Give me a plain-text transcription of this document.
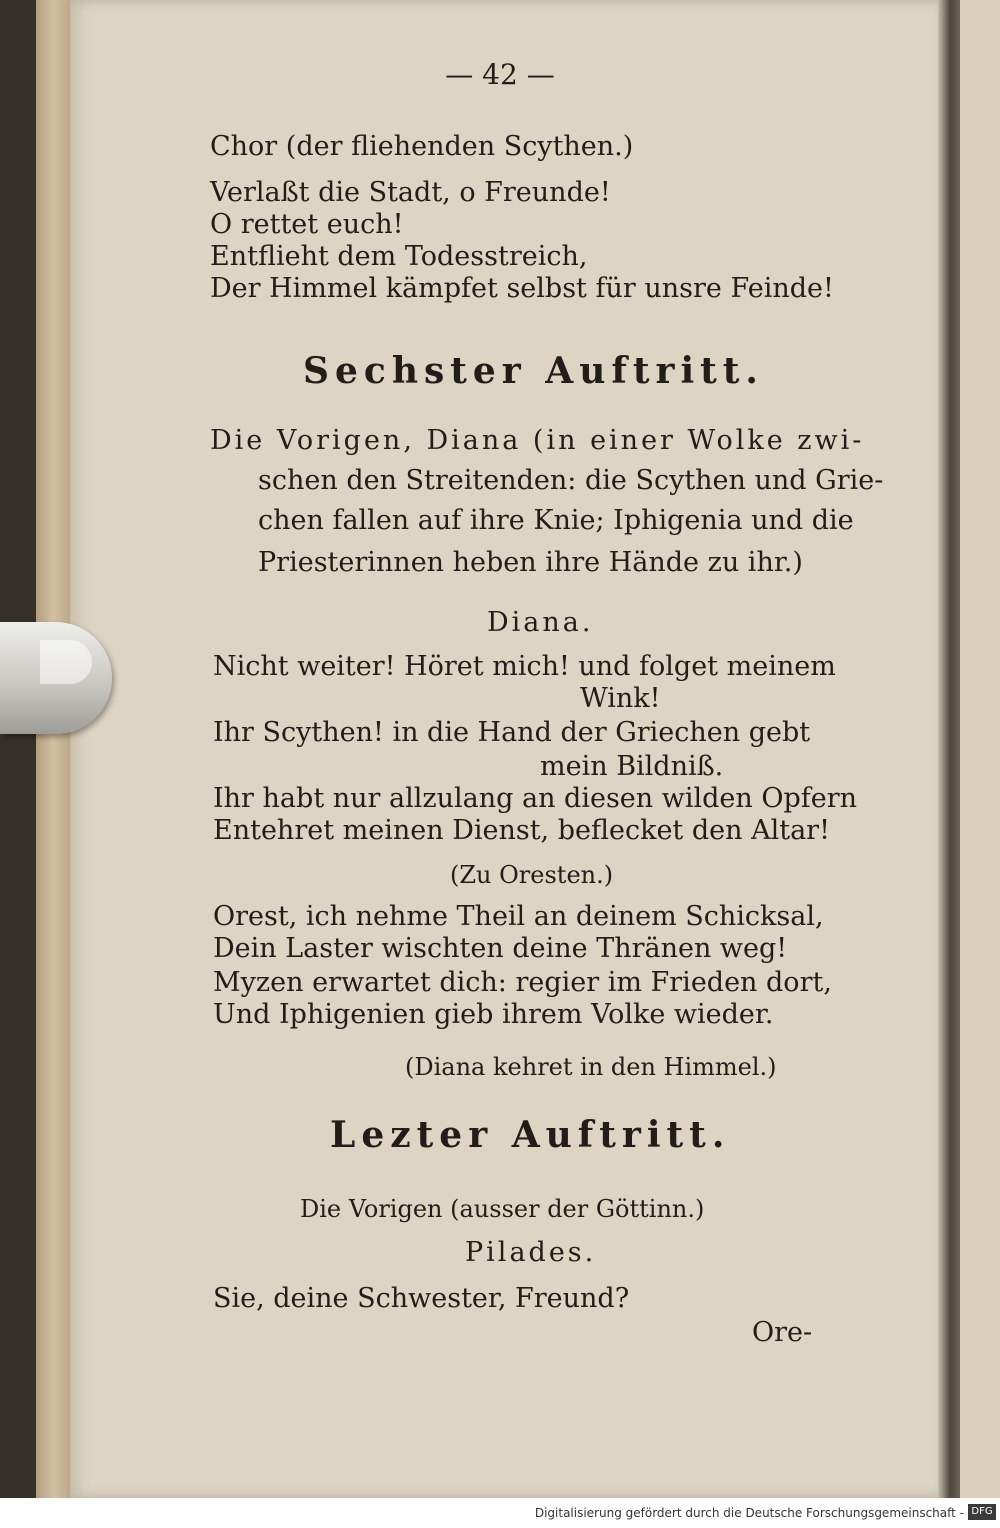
— 42 —

Chor (der fliehenden Scythen.)

Verlaßt die Stadt, o Freunde!

O rettet euch!

Entflieht dem Todesstreich,

Der Himmel kämpfet selbst für unsre Feinde!

Sechster Auftritt.

Die Vorigen, Diana (in einer Wolke zwi-

schen den Streitenden: die Scythen und Grie-

chen fallen auf ihre Knie; Iphigenia und die

Priesterinnen heben ihre Hände zu ihr.)

Diana.

Nicht weiter! Höret mich! und folget meinem

Wink!

Ihr Scythen! in die Hand der Griechen gebt

mein Bildniß.

Ihr habt nur allzulang an diesen wilden Opfern

Entehret meinen Dienst, beflecket den Altar!

(Zu Oresten.)

Orest, ich nehme Theil an deinem Schicksal,

Dein Laster wischten deine Thränen weg!

Myzen erwartet dich: regier im Frieden dort,

Und Iphigenien gieb ihrem Volke wieder.

(Diana kehret in den Himmel.)

Lezter Auftritt.

Die Vorigen (ausser der Göttinn.)

Pilades.

Sie, deine Schwester, Freund?

Ore-

Digitalisierung gefördert durch die Deutsche Forschungsgemeinschaft - DFG
